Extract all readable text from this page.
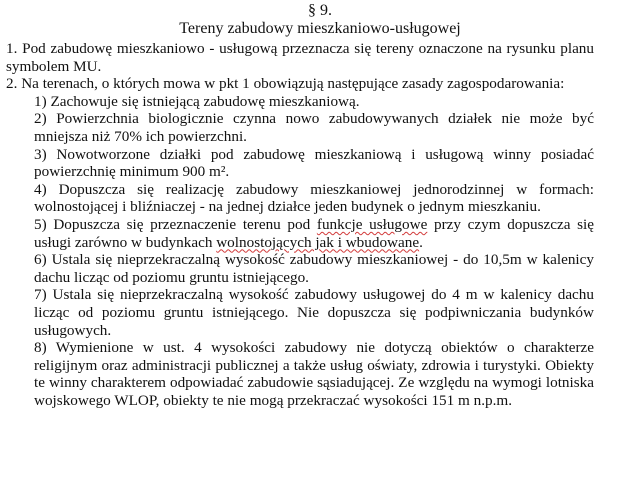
§ 9.
Tereny zabudowy mieszkaniowo-usługowej

1. Pod zabudowę mieszkaniowo - usługową przeznacza się tereny oznaczone na rysunku planu symbolem MU.

2. Na terenach, o których mowa w pkt 1 obowiązują następujące zasady zagospodarowania:

1) Zachowuje się istniejącą zabudowę mieszkaniową.

2) Powierzchnia biologicznie czynna nowo zabudowywanych działek nie może być mniejsza niż 70% ich powierzchni.

3) Nowotworzone działki pod zabudowę mieszkaniową i usługową winny posiadać powierzchnię minimum 900 m².

4) Dopuszcza się realizację zabudowy mieszkaniowej jednorodzinnej w formach: wolnostojącej i bliźniaczej - na jednej działce jeden budynek o jednym mieszkaniu.

5) Dopuszcza się przeznaczenie terenu pod funkcje usługowe przy czym dopuszcza się usługi zarówno w budynkach wolnostojących jak i wbudowane.

6) Ustala się nieprzekraczalną wysokość zabudowy mieszkaniowej - do 10,5m w kalenicy dachu licząc od poziomu gruntu istniejącego.

7) Ustala się nieprzekraczalną wysokość zabudowy usługowej do 4 m w kalenicy dachu licząc od poziomu gruntu istniejącego. Nie dopuszcza się podpiwniczania budynków usługowych.

8) Wymienione w ust. 4 wysokości zabudowy nie dotyczą obiektów o charakterze religijnym oraz administracji publicznej a także usług oświaty, zdrowia i turystyki. Obiekty te winny charakterem odpowiadać zabudowie sąsiadującej. Ze względu na wymogi lotniska wojskowego WLOP, obiekty te nie mogą przekraczać wysokości 151 m n.p.m.
